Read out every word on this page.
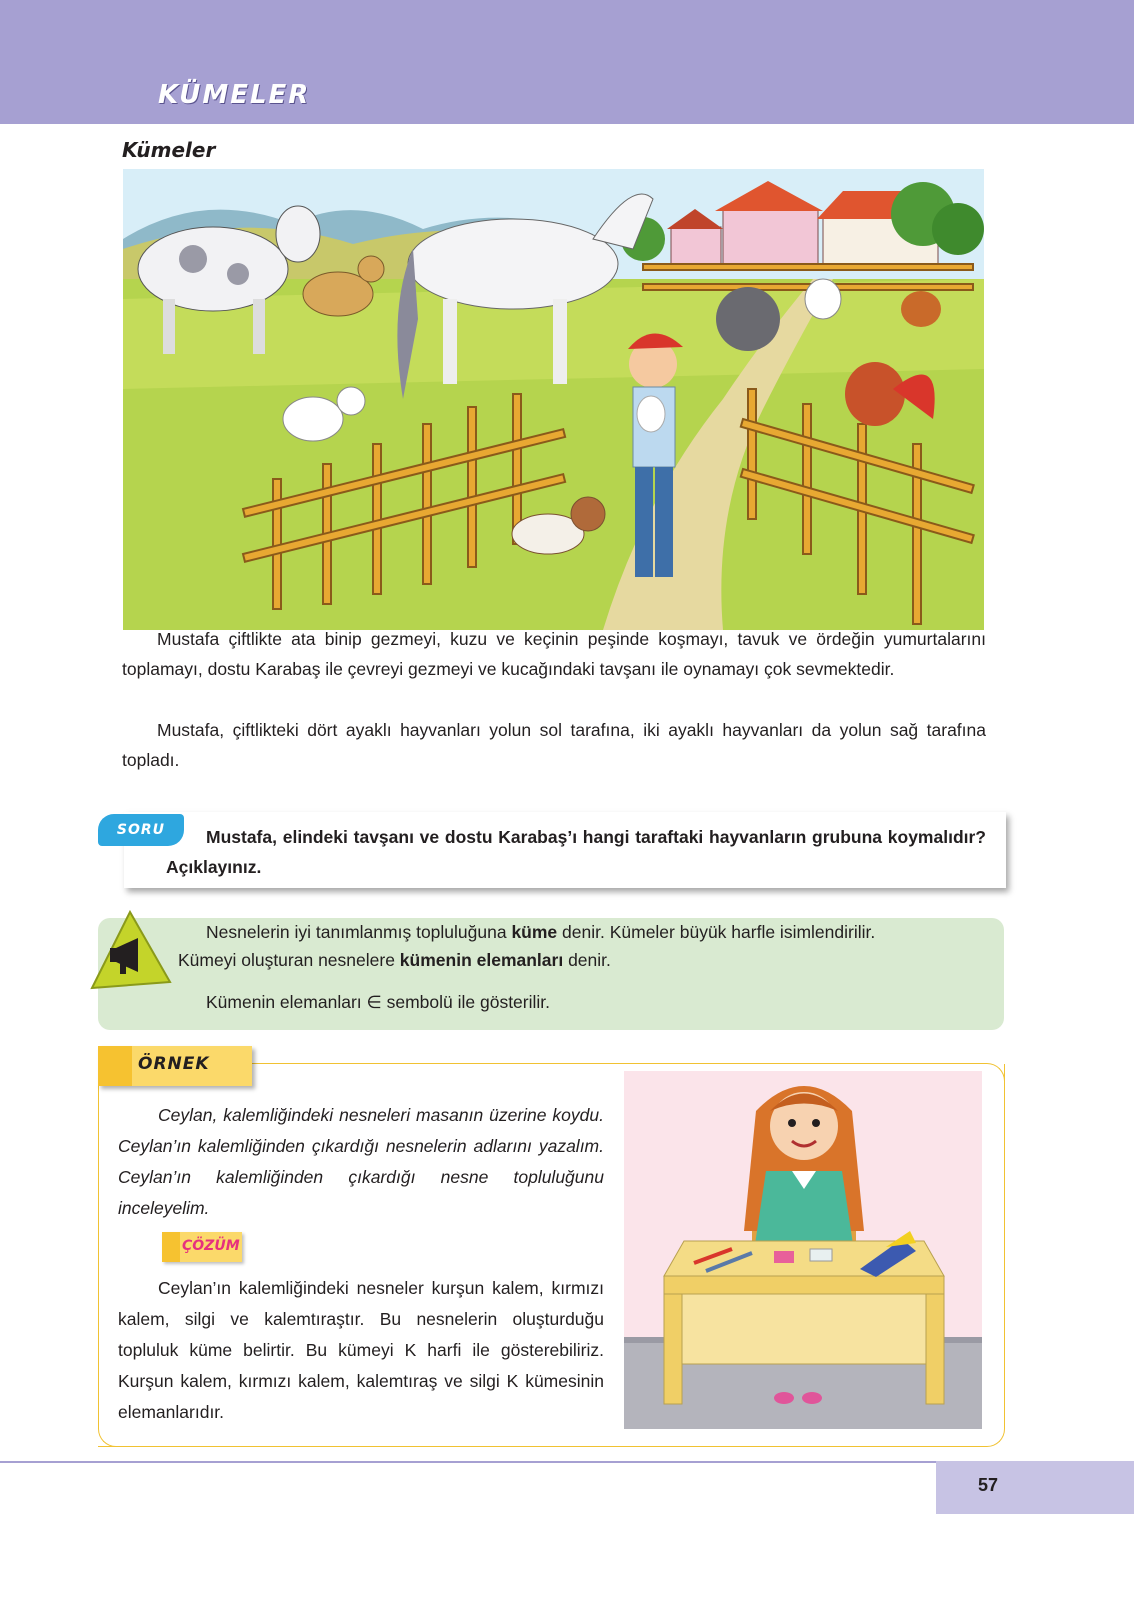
KÜMELER
Kümeler
Mustafa çiftlikte ata binip gezmeyi, kuzu ve keçinin peşinde koşmayı, tavuk ve ördeğin yumurtalarını toplamayı, dostu Karabaş ile çevreyi gezmeyi ve kucağındaki tavşanı ile oynamayı çok sevmektedir.
Mustafa, çiftlikteki dört ayaklı hayvanları yolun sol tarafına, iki ayaklı hayvanları da yolun sağ tarafına topladı.
SORU	Mustafa, elindeki tavşanı ve dostu Karabaş’ı hangi taraftaki hayvanların grubuna koymalıdır? Açıklayınız.
Nesnelerin iyi tanımlanmış topluluğuna küme denir. Kümeler büyük harfle isimlendirilir.
Kümeyi oluşturan nesnelere kümenin elemanları denir.
Kümenin elemanları ∈ sembolü ile gösterilir.
ÖRNEK
Ceylan, kalemliğindeki nesneleri masanın üzerine koydu. Ceylan’ın kalemliğinden çıkardığı nesnelerin adlarını yazalım. Ceylan’ın kalemliğinden çıkardığı nesne topluluğunu inceleyelim.
ÇÖZÜM
Ceylan’ın kalemliğindeki nesneler kurşun kalem, kırmızı kalem, silgi ve kalemtıraştır. Bu nesnelerin oluşturduğu topluluk küme belirtir. Bu kümeyi K harfi ile gösterebiliriz. Kurşun kalem, kırmızı kalem, kalemtıraş ve silgi K kümesinin elemanlarıdır.
57
